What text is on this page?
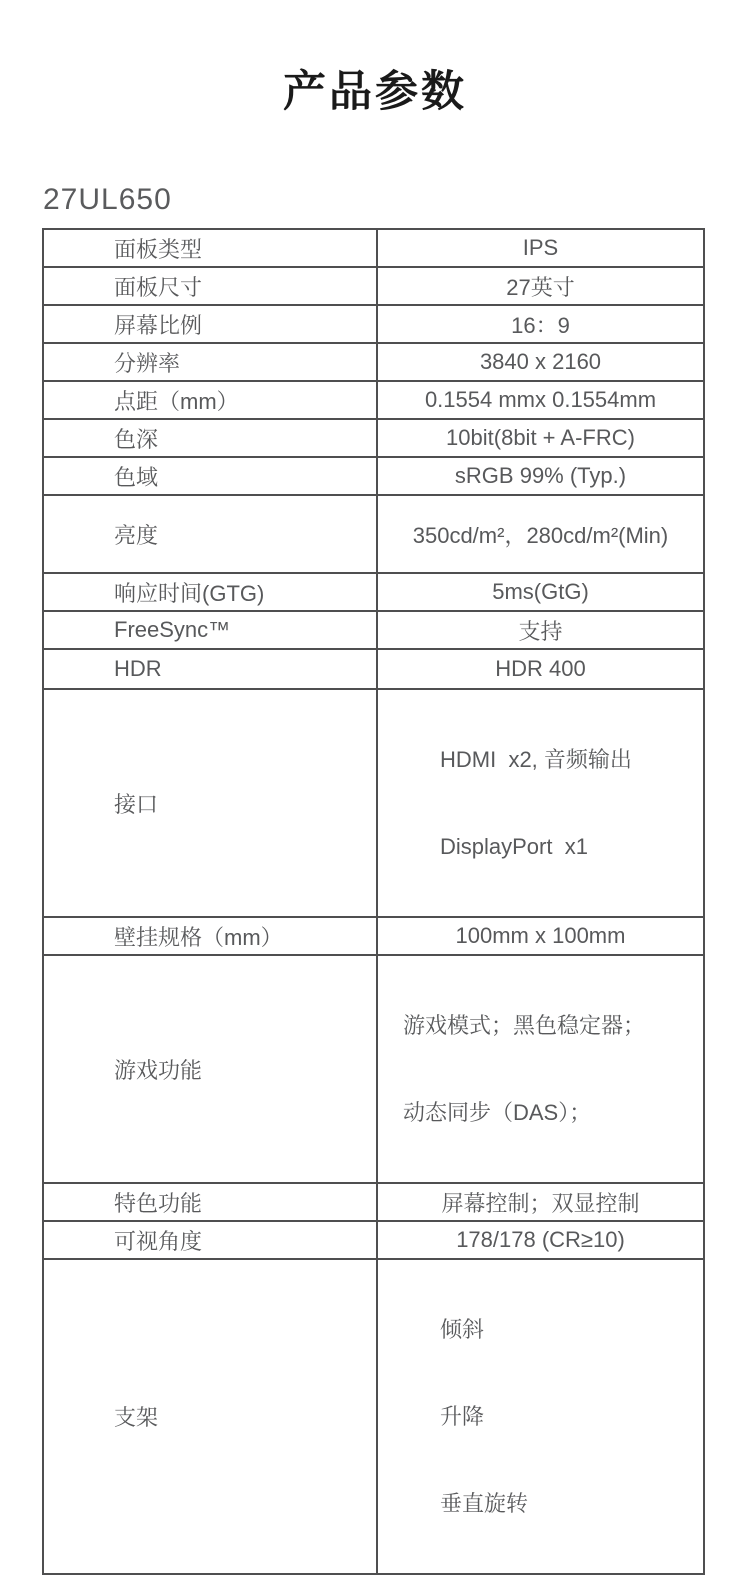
产品参数
27UL650
面板类型	IPS
面板尺寸	27英寸
屏幕比例	16：9
分辨率	3840 x 2160
点距（mm）	0.1554 mmx 0.1554mm
色深	10bit(8bit + A-FRC)
色域	sRGB 99% (Typ.)
亮度	350cd/m²，280cd/m²(Min)
响应时间(GTG)	5ms(GtG)
FreeSync™	支持
HDR	HDR 400
接口	HDMI  x2, 音频输出

DisplayPort  x1

壁挂规格（mm）	100mm x 100mm
游戏功能	游戏模式；黑色稳定器；

动态同步（DAS）；

特色功能	屏幕控制；双显控制
可视角度	178/178 (CR≥10)
支架	倾斜

升降

垂直旋转
